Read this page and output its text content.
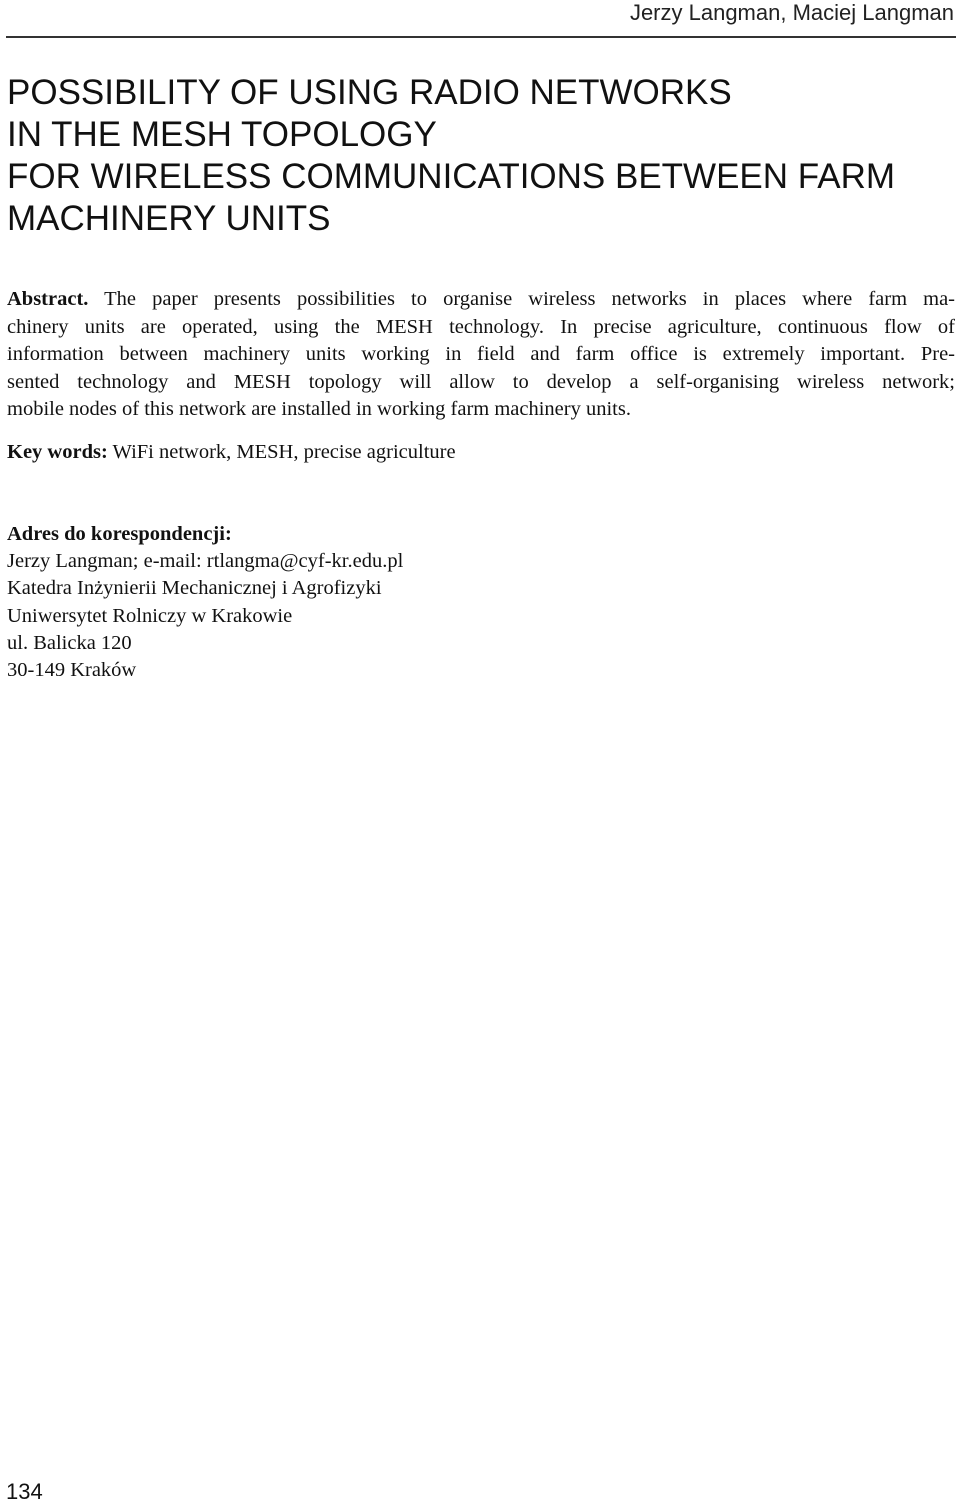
Jerzy Langman, Maciej Langman
POSSIBILITY OF USING RADIO NETWORKS
IN THE MESH TOPOLOGY
FOR WIRELESS COMMUNICATIONS BETWEEN FARM
MACHINERY UNITS
Abstract. The paper presents possibilities to organise wireless networks in places where farm ma-
chinery units are operated, using the MESH technology. In precise agriculture, continuous flow of
information between machinery units working in field and farm office is extremely important. Pre-
sented technology and MESH topology will allow to develop a self-organising wireless network;
mobile nodes of this network are installed in working farm machinery units.

Key words: WiFi network, MESH, precise agriculture

Adres do korespondencji:
Jerzy Langman; e-mail: rtlangma@cyf-kr.edu.pl
Katedra Inżynierii Mechanicznej i Agrofizyki
Uniwersytet Rolniczy w Krakowie
ul. Balicka 120
30-149 Kraków
134
